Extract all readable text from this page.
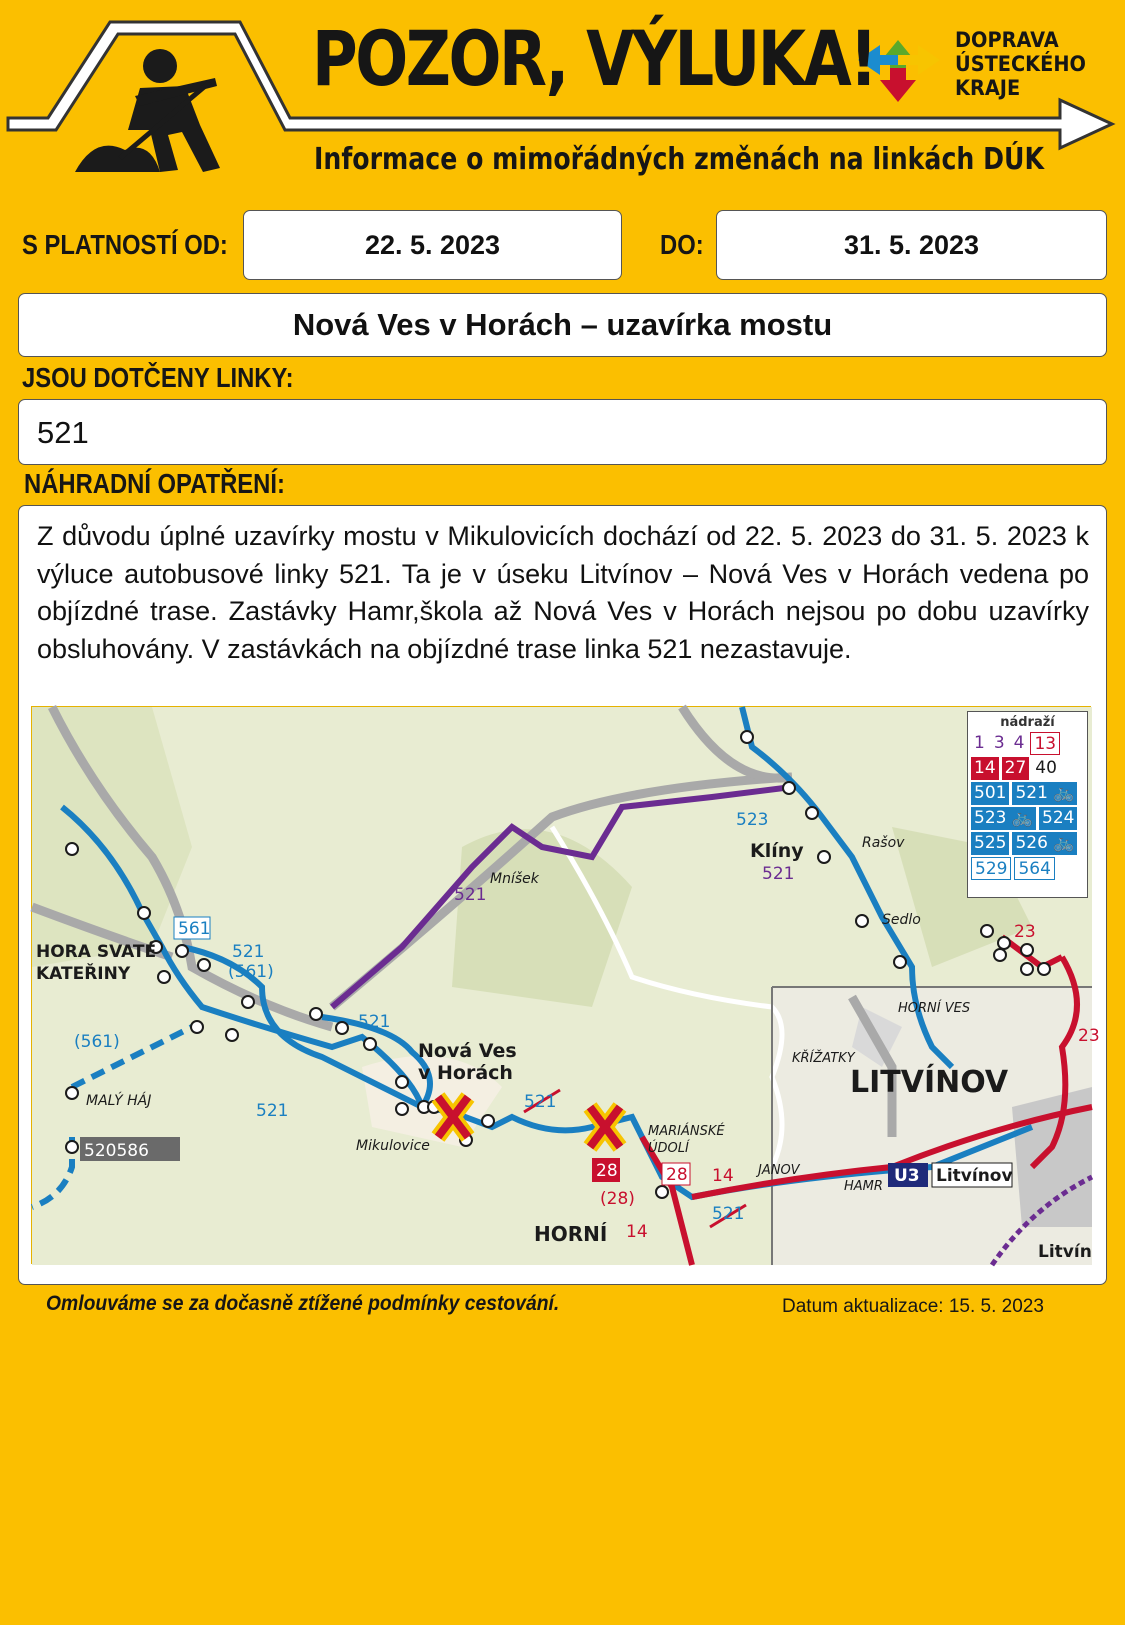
POZOR, VÝLUKA!
Informace o mimořádných změnách na linkách DÚK
DOPRAVA
ÚSTECKÉHO
KRAJE
S PLATNOSTÍ OD:	22. 5. 2023	DO:	31. 5. 2023
Nová Ves v Horách – uzavírka mostu
JSOU DOTČENY LINKY:
521
NÁHRADNÍ OPATŘENÍ:
Z důvodu úplné uzavírky mostu v Mikulovicích dochází od 22. 5. 2023 do 31. 5. 2023 k výluce autobusové linky 521. Ta je v úseku Litvínov – Nová Ves v Horách vedena po objízdné trase. Zastávky Hamr,škola až Nová Ves v Horách nejsou po dobu uzavírky obsluhovány. V zastávkách na objízdné trase linka 521 nezastavuje.
HORA SVATÉ
KATEŘINY
MALÝ HÁJ
Nová Ves
v Horách
Mikulovice
Mníšek
Klíny	Rašov
Sedlo
HORNÍ VES
KŘÍŽATKY
LITVÍNOV
JANOV
HAMR
MARIÁNSKÉ
ÚDOLÍ
HORNÍ
561
521
(561)
(561)
521
521
521
523
521
521
521
28	28
(28)
14
14
23
23
520586
U3 Litvínov
Litvín
nádraží
1 3 4 13
14 27 40
501 521 🚲
523 🚲 524
525 526 🚲
529 564
Omlouváme se za dočasně ztížené podmínky cestování.	Datum aktualizace: 15. 5. 2023
